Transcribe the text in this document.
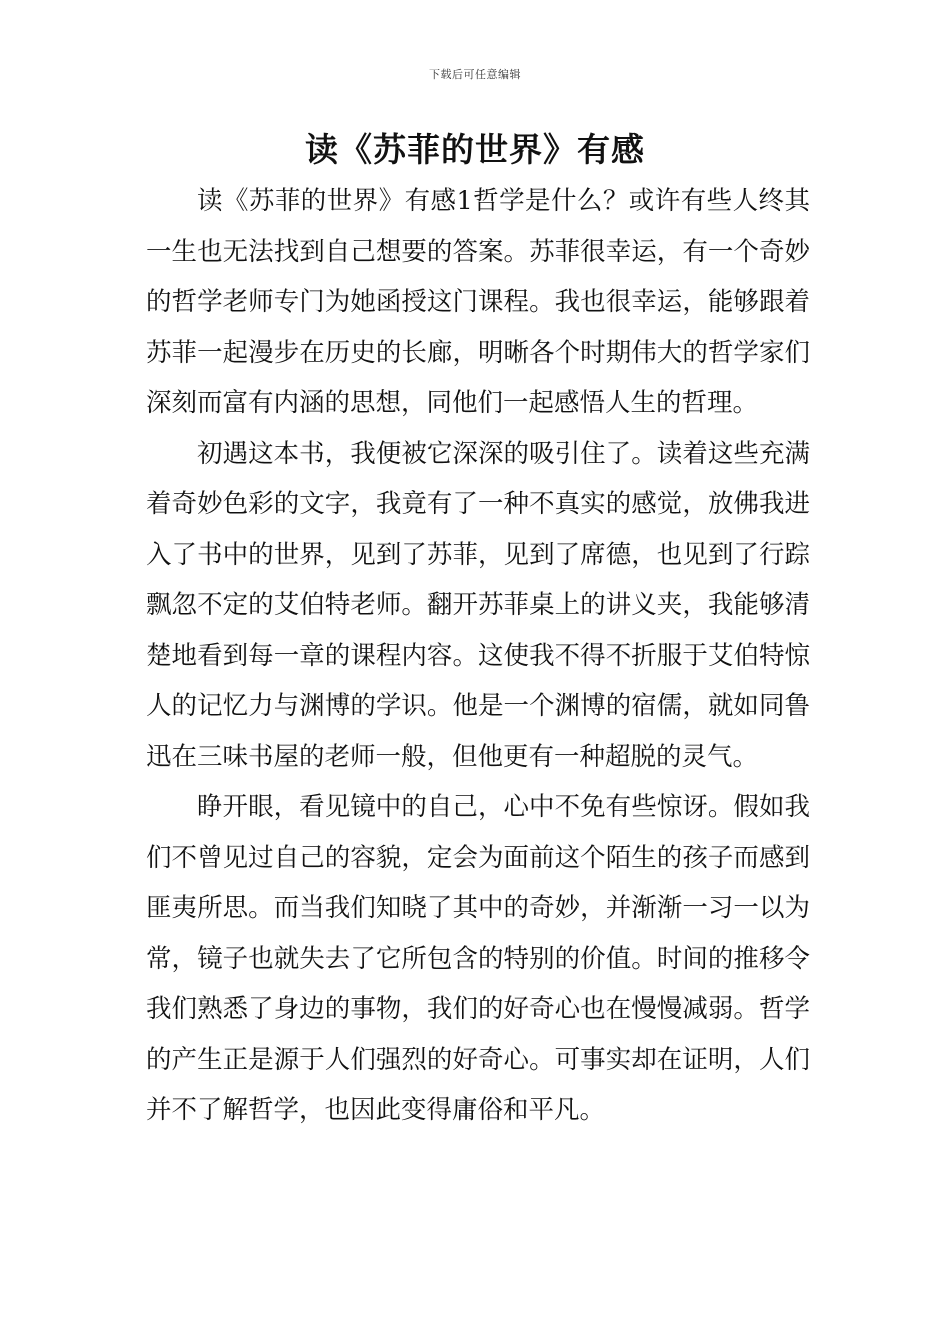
下载后可任意编辑
读《苏菲的世界》有感

读《苏菲的世界》有感1哲学是什么？或许有些人终其一生也无法找到自己想要的答案。苏菲很幸运，有一个奇妙的哲学老师专门为她函授这门课程。我也很幸运，能够跟着苏菲一起漫步在历史的长廊，明晰各个时期伟大的哲学家们深刻而富有内涵的思想，同他们一起感悟人生的哲理。

初遇这本书，我便被它深深的吸引住了。读着这些充满着奇妙色彩的文字，我竟有了一种不真实的感觉，放佛我进入了书中的世界，见到了苏菲，见到了席德，也见到了行踪飘忽不定的艾伯特老师。翻开苏菲桌上的讲义夹，我能够清楚地看到每一章的课程内容。这使我不得不折服于艾伯特惊人的记忆力与渊博的学识。他是一个渊博的宿儒，就如同鲁迅在三味书屋的老师一般，但他更有一种超脱的灵气。

睁开眼，看见镜中的自己，心中不免有些惊讶。假如我们不曾见过自己的容貌，定会为面前这个陌生的孩子而感到匪夷所思。而当我们知晓了其中的奇妙，并渐渐一习一以为常，镜子也就失去了它所包含的特别的价值。时间的推移令我们熟悉了身边的事物，我们的好奇心也在慢慢减弱。哲学的产生正是源于人们强烈的好奇心。可事实却在证明，人们并不了解哲学，也因此变得庸俗和平凡。
